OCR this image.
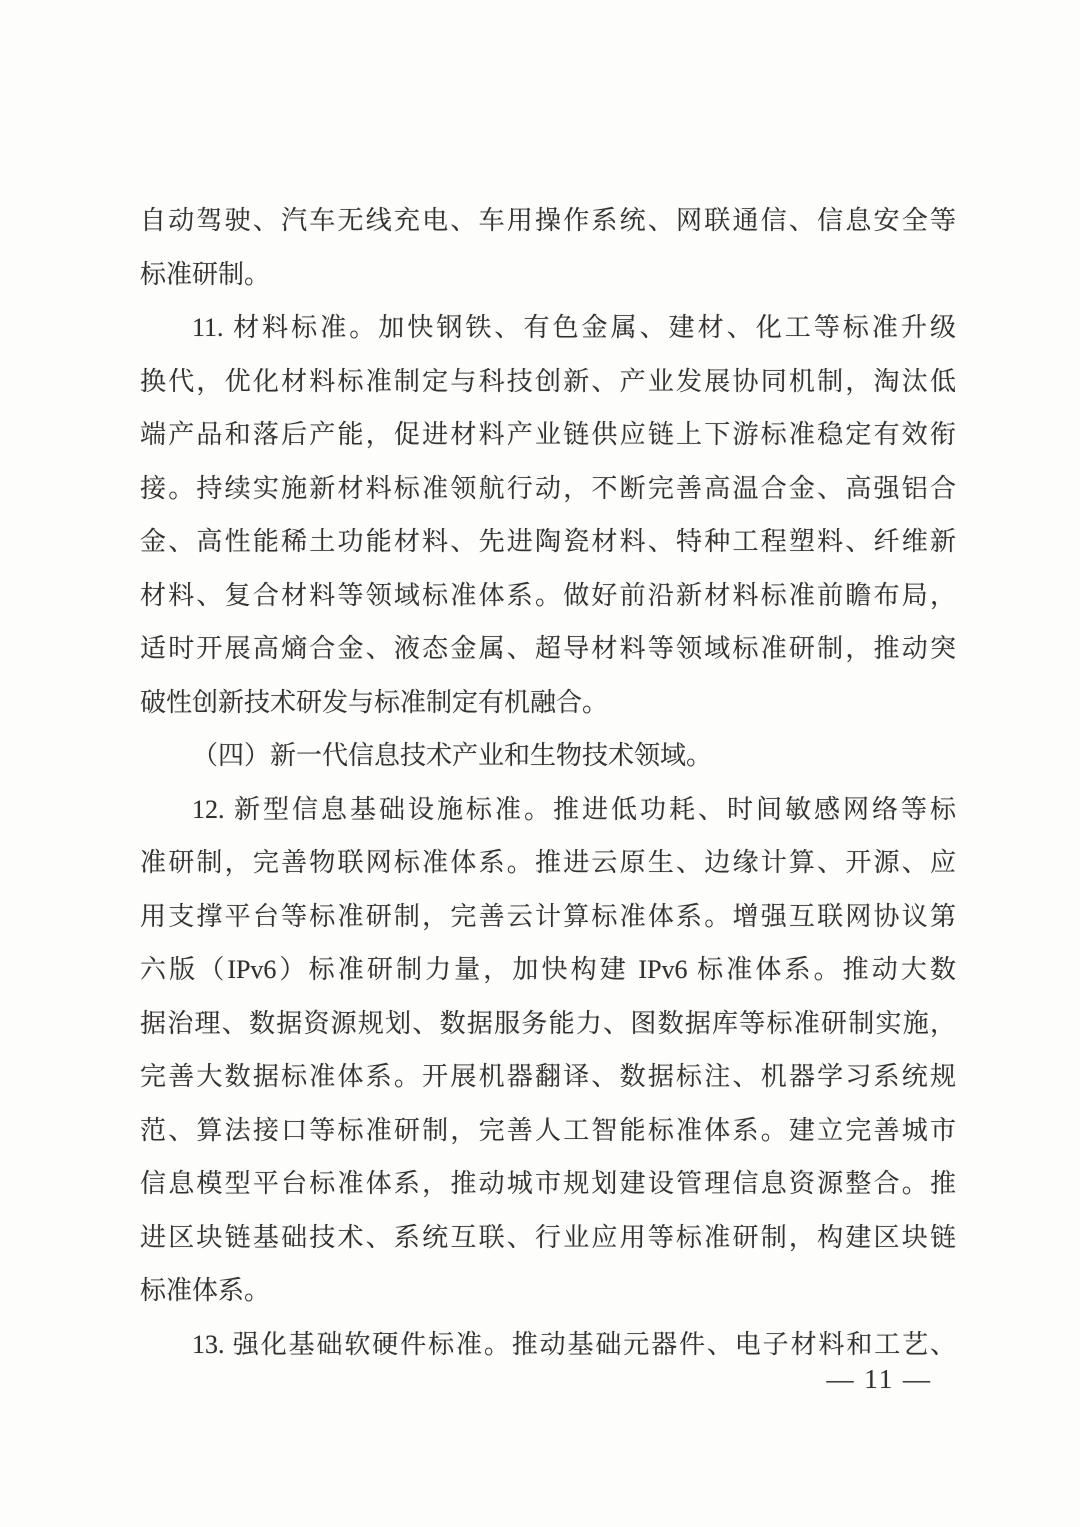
自动驾驶、汽车无线充电、车用操作系统、网联通信、信息安全等
标准研制。
11. 材料标准。加快钢铁、有色金属、建材、化工等标准升级
换代，优化材料标准制定与科技创新、产业发展协同机制，淘汰低
端产品和落后产能，促进材料产业链供应链上下游标准稳定有效衔
接。持续实施新材料标准领航行动，不断完善高温合金、高强铝合
金、高性能稀土功能材料、先进陶瓷材料、特种工程塑料、纤维新
材料、复合材料等领域标准体系。做好前沿新材料标准前瞻布局，
适时开展高熵合金、液态金属、超导材料等领域标准研制，推动突
破性创新技术研发与标准制定有机融合。
（四）新一代信息技术产业和生物技术领域。
12. 新型信息基础设施标准。推进低功耗、时间敏感网络等标
准研制，完善物联网标准体系。推进云原生、边缘计算、开源、应
用支撑平台等标准研制，完善云计算标准体系。增强互联网协议第
六版（IPv6）标准研制力量，加快构建 IPv6 标准体系。推动大数
据治理、数据资源规划、数据服务能力、图数据库等标准研制实施，
完善大数据标准体系。开展机器翻译、数据标注、机器学习系统规
范、算法接口等标准研制，完善人工智能标准体系。建立完善城市
信息模型平台标准体系，推动城市规划建设管理信息资源整合。推
进区块链基础技术、系统互联、行业应用等标准研制，构建区块链
标准体系。
13. 强化基础软硬件标准。推动基础元器件、电子材料和工艺、
— 11 —
